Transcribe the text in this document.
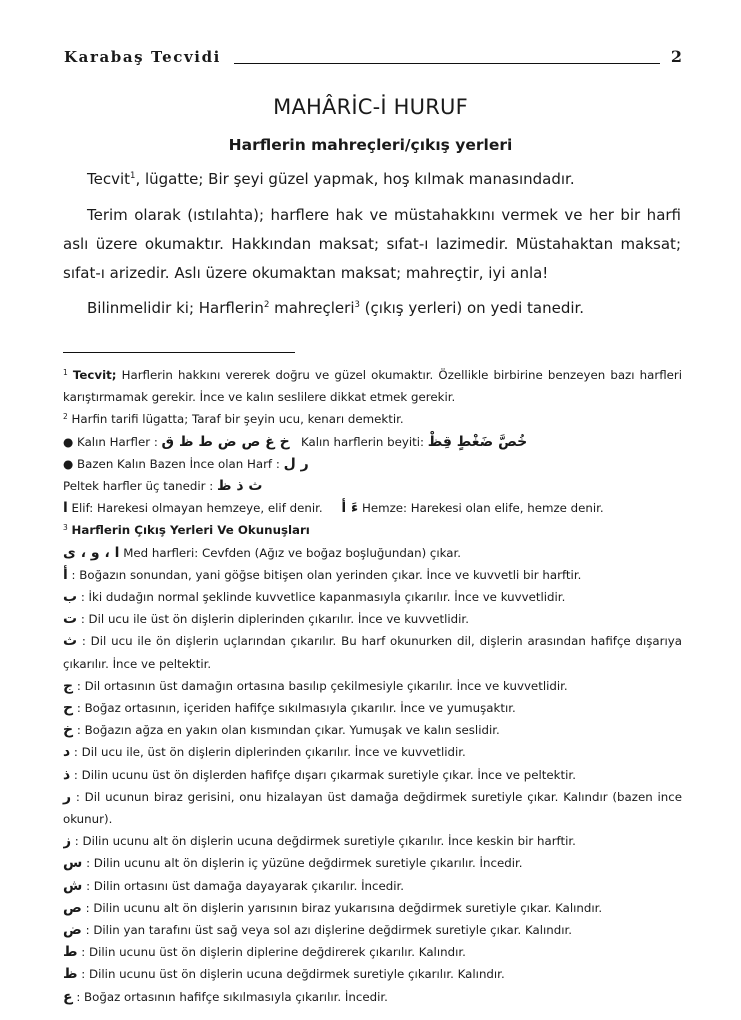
Karabaş Tecvidi	2
MAHÂRİC-İ HURUF
Harflerin mahreçleri/çıkış yerleri

Tecvit$^1$, lügatte; Bir şeyi güzel yapmak, hoş kılmak manasındadır.

Terim olarak (ıstılahta); harflere hak ve müstahakkını vermek ve her bir harfi aslı üzere okumaktır. Hakkından maksat; sıfat-ı lazimedir. Müstahaktan maksat; sıfat-ı arizedir. Aslı üzere okumaktan maksat; mahreçtir, iyi anla!

Bilinmelidir ki; Harflerin$^2$ mahreçleri$^3$ (çıkış yerleri) on yedi tanedir.

$^1$ Tecvit; Harflerin hakkını vererek doğru ve güzel okumaktır. Özellikle birbirine benzeyen bazı harfleri karıştırmamak gerekir. İnce ve kalın seslilere dikkat etmek gerekir.
$^2$ Harfin tarifi lügatta; Taraf bir şeyin ucu, kenarı demektir.
● Kalın Harfler : خ غ ص ض ط ظ ق Kalın harflerin beyiti: خُصَّ ضَغْطٍ قِظْ
● Bazen Kalın Bazen İnce olan Harf : ر ل
Peltek harfler üç tanedir : ث ذ ظ
ا Elif: Harekesi olmayan hemzeye, elif denir. ءَ أ Hemze: Harekesi olan elife, hemze denir.
$^3$ Harflerin Çıkış Yerleri Ve Okunuşları
ا ، و ، ى Med harfleri: Cevfden (Ağız ve boğaz boşluğundan) çıkar.
أ : Boğazın sonundan, yani göğse bitişen olan yerinden çıkar. İnce ve kuvvetli bir harftir.
ب : İki dudağın normal şeklinde kuvvetlice kapanmasıyla çıkarılır. İnce ve kuvvetlidir.
ت : Dil ucu ile üst ön dişlerin diplerinden çıkarılır. İnce ve kuvvetlidir.
ث : Dil ucu ile ön dişlerin uçlarından çıkarılır. Bu harf okunurken dil, dişlerin arasından hafifçe dışarıya çıkarılır. İnce ve peltektir.
ج : Dil ortasının üst damağın ortasına basılıp çekilmesiyle çıkarılır. İnce ve kuvvetlidir.
ح : Boğaz ortasının, içeriden hafifçe sıkılmasıyla çıkarılır. İnce ve yumuşaktır.
خ : Boğazın ağza en yakın olan kısmından çıkar. Yumuşak ve kalın seslidir.
د : Dil ucu ile, üst ön dişlerin diplerinden çıkarılır. İnce ve kuvvetlidir.
ذ : Dilin ucunu üst ön dişlerden hafifçe dışarı çıkarmak suretiyle çıkar. İnce ve peltektir.
ر : Dil ucunun biraz gerisini, onu hizalayan üst damağa değdirmek suretiyle çıkar. Kalındır (bazen ince okunur).
ز : Dilin ucunu alt ön dişlerin ucuna değdirmek suretiyle çıkarılır. İnce keskin bir harftir.
س : Dilin ucunu alt ön dişlerin iç yüzüne değdirmek suretiyle çıkarılır. İncedir.
ش : Dilin ortasını üst damağa dayayarak çıkarılır. İncedir.
ص : Dilin ucunu alt ön dişlerin yarısının biraz yukarısına değdirmek suretiyle çıkar. Kalındır.
ض : Dilin yan tarafını üst sağ veya sol azı dişlerine değdirmek suretiyle çıkar. Kalındır.
ط : Dilin ucunu üst ön dişlerin diplerine değdirerek çıkarılır. Kalındır.
ظ : Dilin ucunu üst ön dişlerin ucuna değdirmek suretiyle çıkarılır. Kalındır.
ع : Boğaz ortasının hafifçe sıkılmasıyla çıkarılır. İncedir.
